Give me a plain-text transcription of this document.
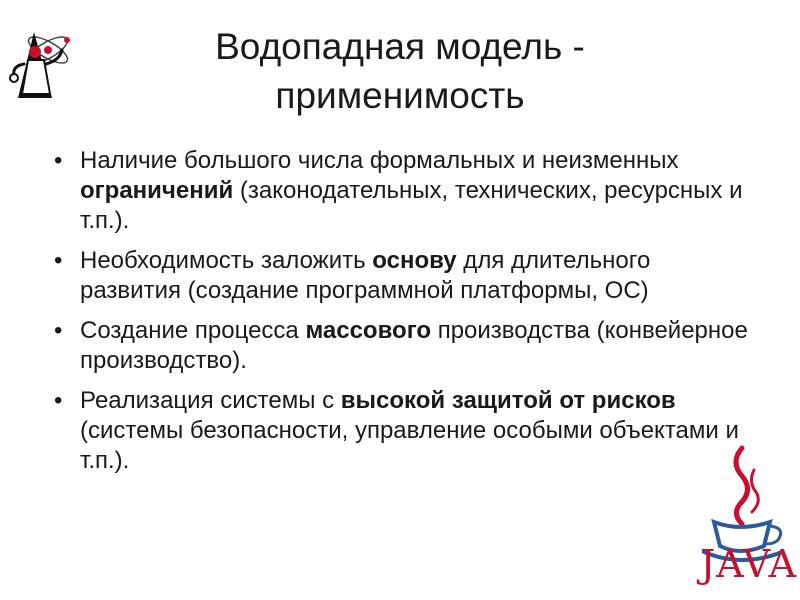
Водопадная модель -
применимость
• Наличие большого числа формальных и неизменных ограничений (законодательных, технических, ресурсных и т.п.).
• Необходимость заложить основу для длительного развития (создание программной платформы, ОС)
• Создание процесса массового производства (конвейерное производство).
• Реализация системы с высокой защитой от рисков (системы безопасности, управление особыми объектами и т.п.).
JAVA
